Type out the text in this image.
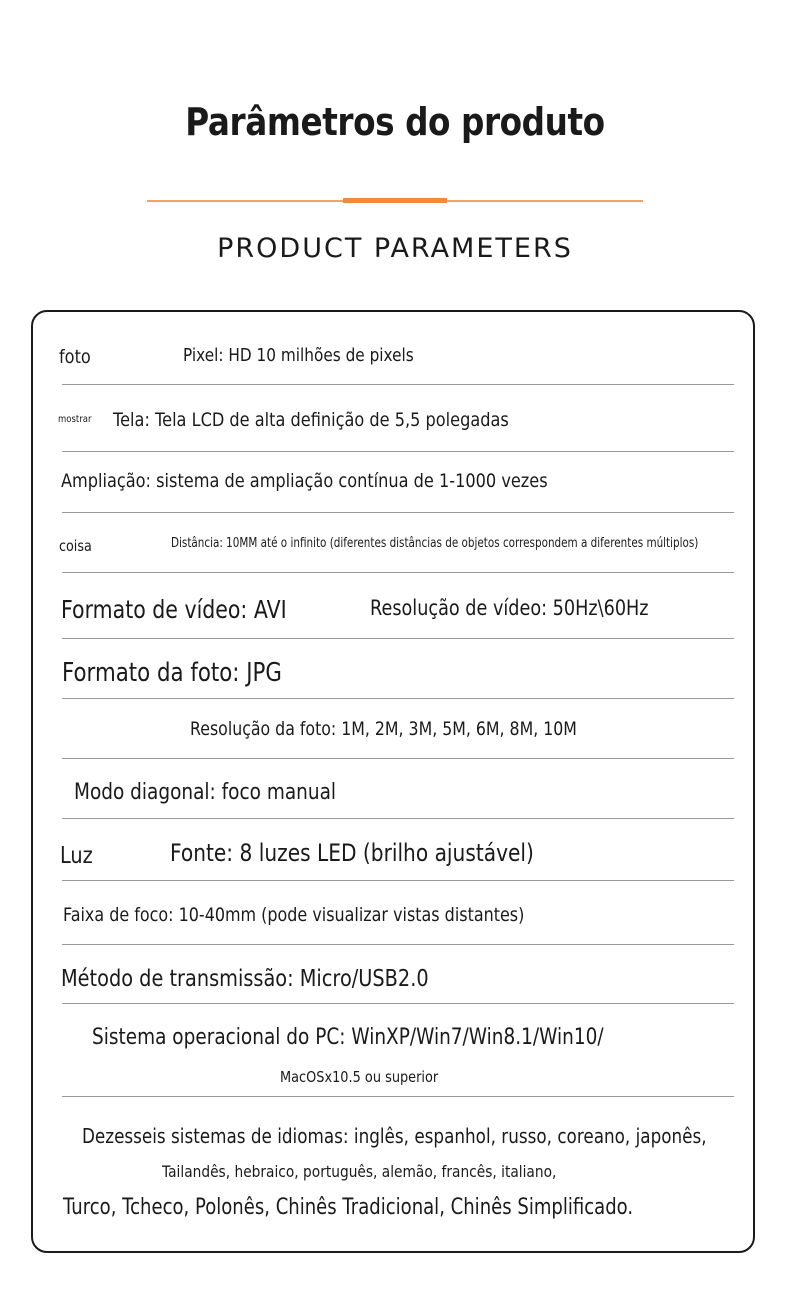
Parâmetros do produto
PRODUCT PARAMETERS
foto	Pixel: HD 10 milhões de pixels
mostrar Tela: Tela LCD de alta definição de 5,5 polegadas
Ampliação: sistema de ampliação contínua de 1-1000 vezes
coisa	Distância: 10MM até o infinito (diferentes distâncias de objetos correspondem a diferentes múltiplos)
Formato de vídeo: AVI	Resolução de vídeo: 50Hz\60Hz
Formato da foto: JPG
Resolução da foto: 1M, 2M, 3M, 5M, 6M, 8M, 10M
Modo diagonal: foco manual
Luz	Fonte: 8 luzes LED (brilho ajustável)
Faixa de foco: 10-40mm (pode visualizar vistas distantes)
Método de transmissão: Micro/USB2.0
Sistema operacional do PC: WinXP/Win7/Win8.1/Win10/
MacOSx10.5 ou superior
Dezesseis sistemas de idiomas: inglês, espanhol, russo, coreano, japonês,
Tailandês, hebraico, português, alemão, francês, italiano,
Turco, Tcheco, Polonês, Chinês Tradicional, Chinês Simplificado.
